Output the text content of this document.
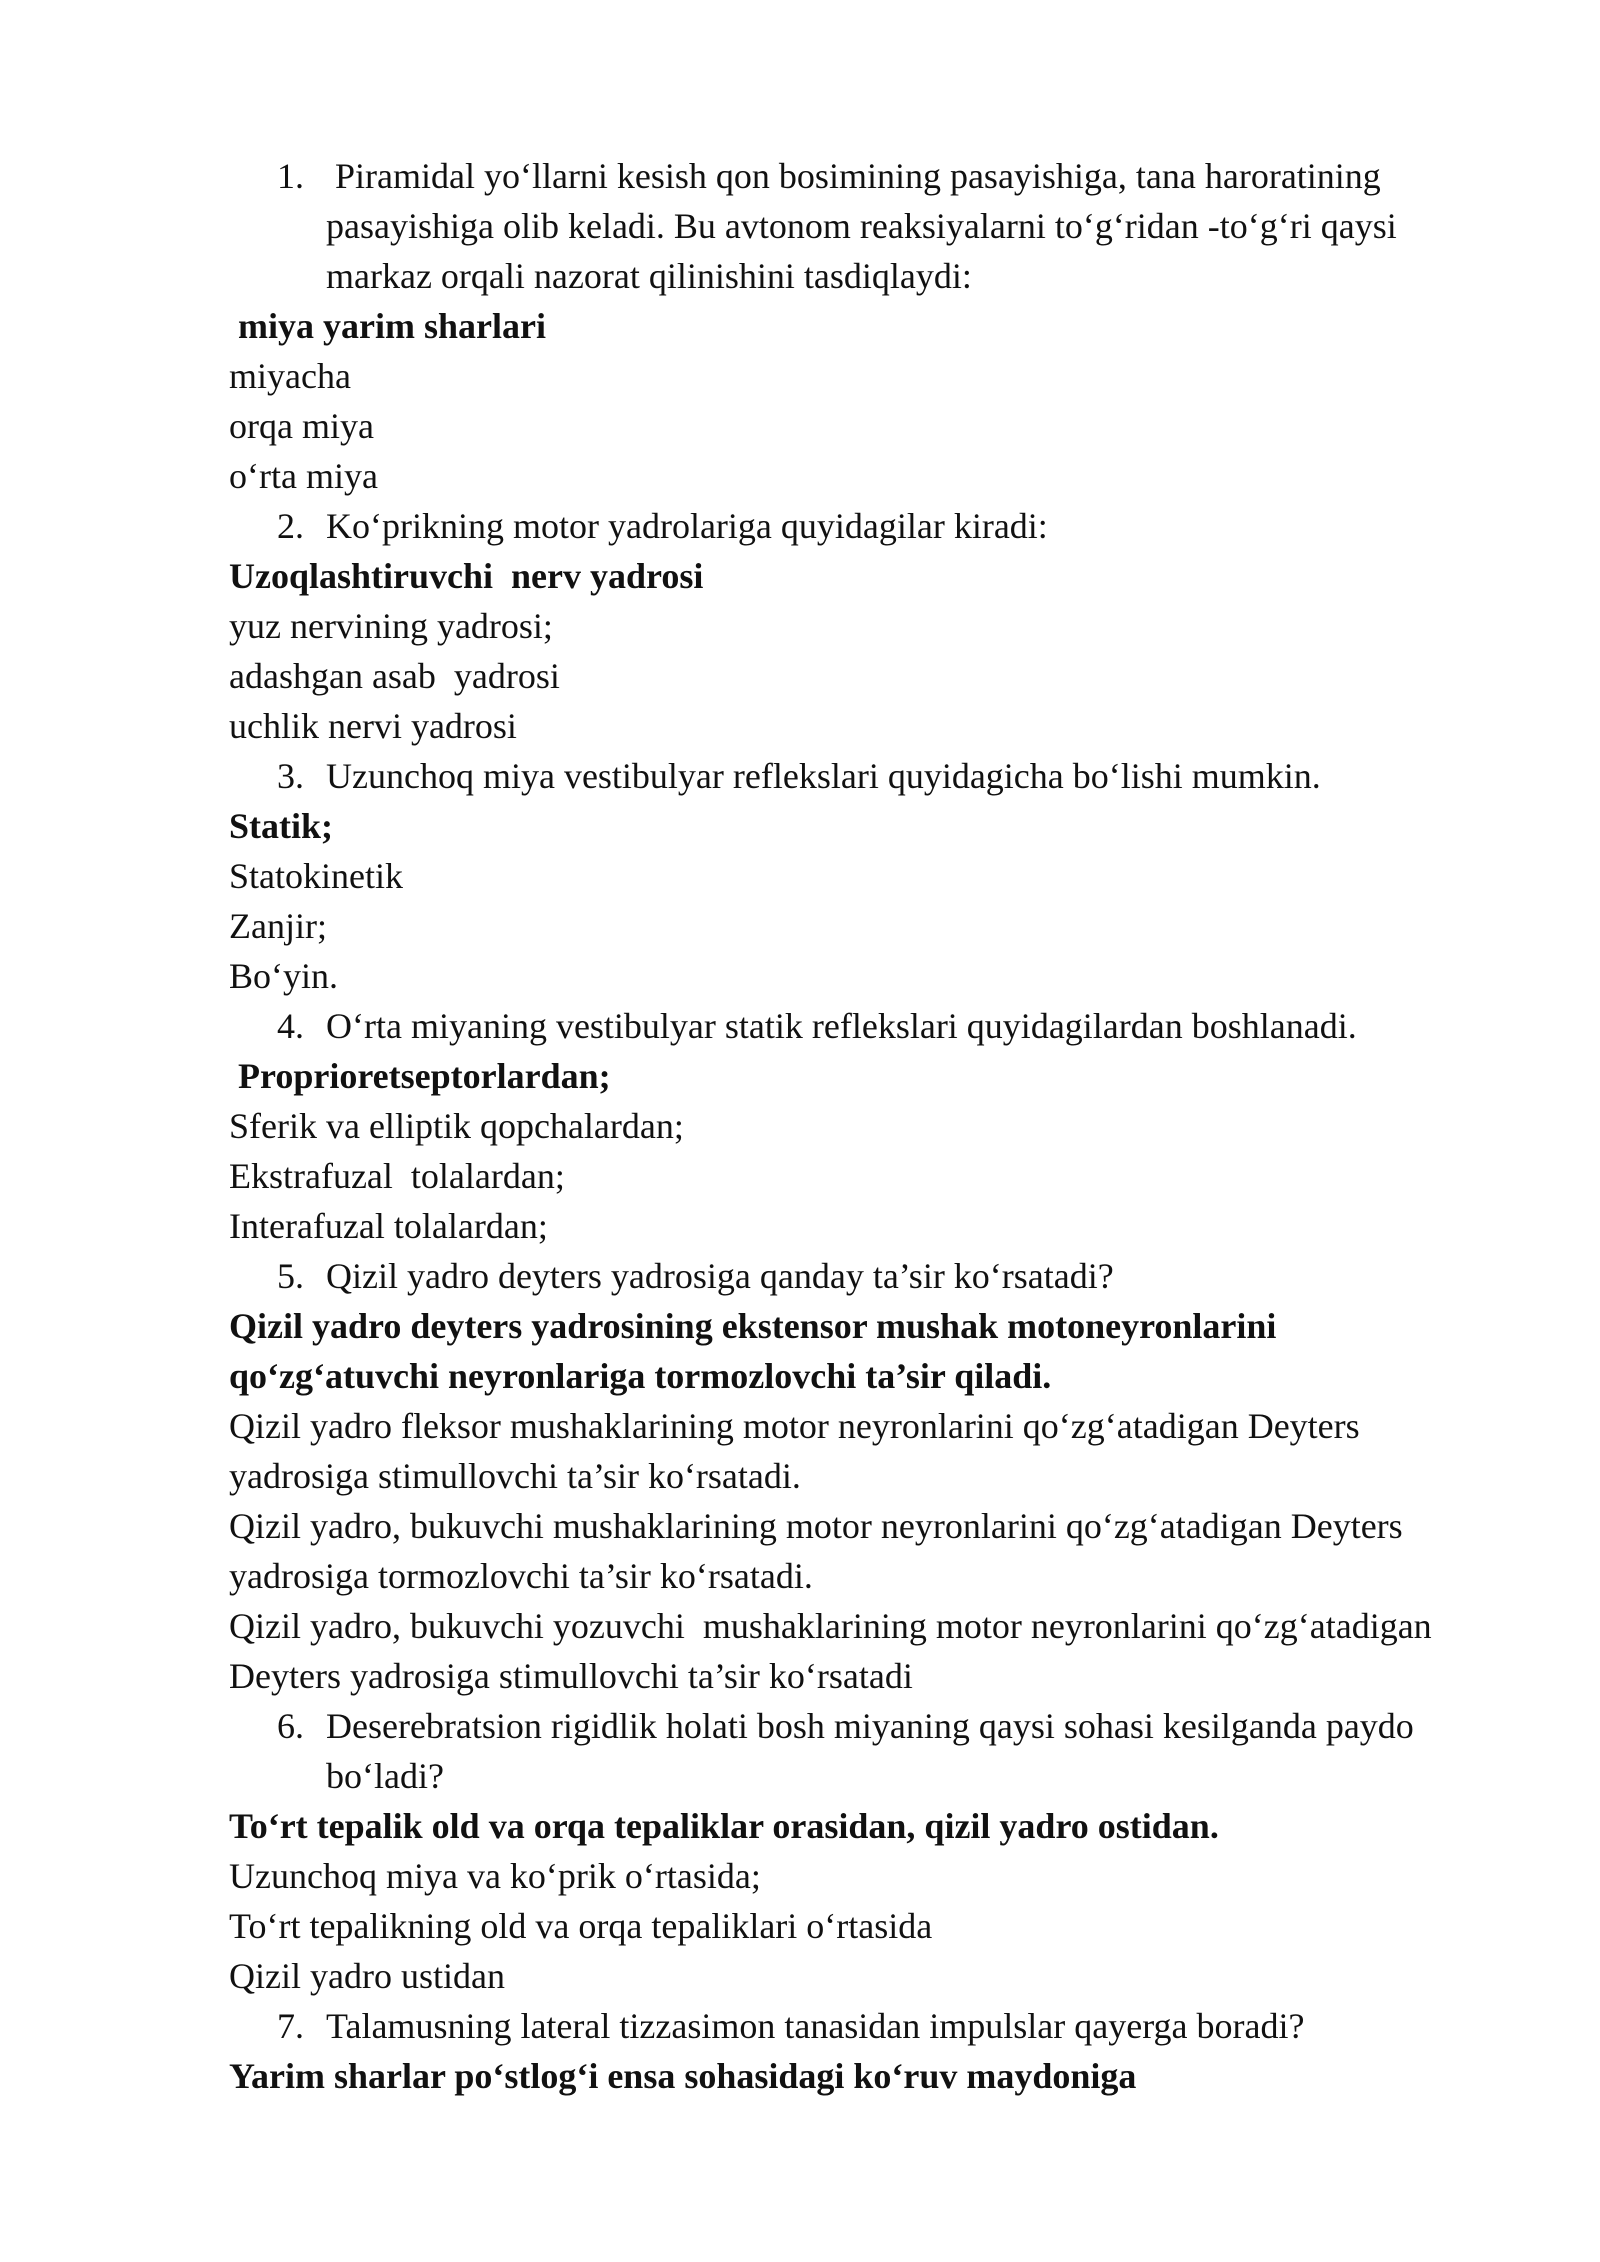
1. Piramidal yo‘llarni kesish qon bosimining pasayishiga, tana haroratining
pasayishiga olib keladi. Bu avtonom reaksiyalarni to‘g‘ridan -to‘g‘ri qaysi
markaz orqali nazorat qilinishini tasdiqlaydi:
miya yarim sharlari
miyacha
orqa miya
o‘rta miya
2. Ko‘prikning motor yadrolariga quyidagilar kiradi:
Uzoqlashtiruvchi  nerv yadrosi
yuz nervining yadrosi;
adashgan asab  yadrosi
uchlik nervi yadrosi
3. Uzunchoq miya vestibulyar reflekslari quyidagicha bo‘lishi mumkin.
Statik;
Statokinetik
Zanjir;
Bo‘yin.
4. O‘rta miyaning vestibulyar statik reflekslari quyidagilardan boshlanadi.
Proprioretseptorlardan;
Sferik va elliptik qopchalardan;
Ekstrafuzal  tolalardan;
Interafuzal tolalardan;
5. Qizil yadro deyters yadrosiga qanday ta’sir ko‘rsatadi?
Qizil yadro deyters yadrosining ekstensor mushak motoneyronlarini
qo‘zg‘atuvchi neyronlariga tormozlovchi ta’sir qiladi.
Qizil yadro fleksor mushaklarining motor neyronlarini qo‘zg‘atadigan Deyters
yadrosiga stimullovchi ta’sir ko‘rsatadi.
Qizil yadro, bukuvchi mushaklarining motor neyronlarini qo‘zg‘atadigan Deyters
yadrosiga tormozlovchi ta’sir ko‘rsatadi.
Qizil yadro, bukuvchi yozuvchi  mushaklarining motor neyronlarini qo‘zg‘atadigan
Deyters yadrosiga stimullovchi ta’sir ko‘rsatadi
6. Deserebratsion rigidlik holati bosh miyaning qaysi sohasi kesilganda paydo
bo‘ladi?
To‘rt tepalik old va orqa tepaliklar orasidan, qizil yadro ostidan.
Uzunchoq miya va ko‘prik o‘rtasida;
To‘rt tepalikning old va orqa tepaliklari o‘rtasida
Qizil yadro ustidan
7. Talamusning lateral tizzasimon tanasidan impulslar qayerga boradi?
Yarim sharlar po‘stlog‘i ensa sohasidagi ko‘ruv maydoniga
